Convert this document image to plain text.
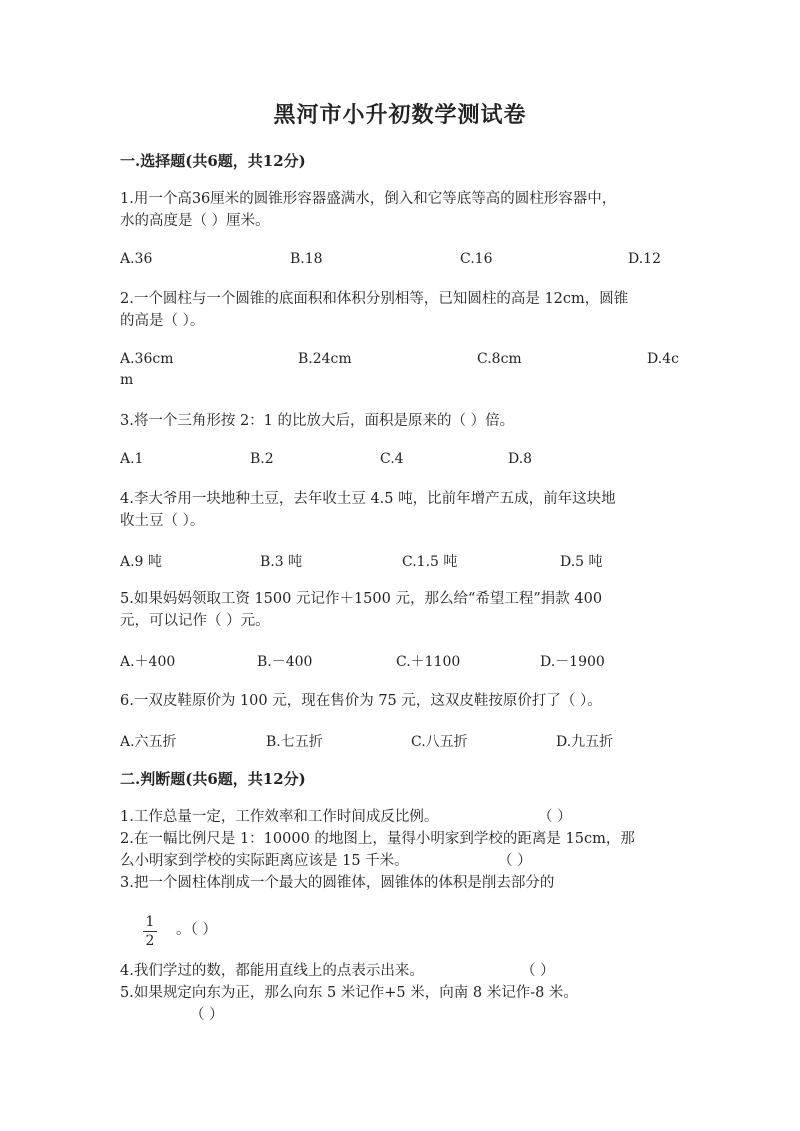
黑河市小升初数学测试卷
一.选择题(共6题，共12分)
1.用一个高36厘米的圆锥形容器盛满水，倒入和它等底等高的圆柱形容器中，
水的高度是（ ）厘米。
A.36	B.18	C.16	D.12
2.一个圆柱与一个圆锥的底面积和体积分别相等，已知圆柱的高是 12cm，圆锥
的高是（ ）。
A.36cm	B.24cm	C.8cm	D.4c
m
3.将一个三角形按 2：1 的比放大后，面积是原来的（ ）倍。
A.1	B.2	C.4	D.8
4.李大爷用一块地种土豆，去年收土豆 4.5 吨，比前年增产五成，前年这块地
收土豆（ ）。
A.9 吨	B.3 吨	C.1.5 吨	D.5 吨
5.如果妈妈领取工资 1500 元记作＋1500 元，那么给“希望工程”捐款 400
元，可以记作（ ）元。
A.＋400	B.－400	C.＋1100	D.－1900
6.一双皮鞋原价为 100 元，现在售价为 75 元，这双皮鞋按原价打了（ ）。
A.六五折	B.七五折	C.八五折	D.九五折
二.判断题(共6题，共12分)
1.工作总量一定，工作效率和工作时间成反比例。	（ ）
2.在一幅比例尺是 1：10000 的地图上，量得小明家到学校的距离是 15cm，那
么小明家到学校的实际距离应该是 15 千米。	（ ）
3.把一个圆柱体削成一个最大的圆锥体，圆锥体的体积是削去部分的
1
2
。（ ）
4.我们学过的数，都能用直线上的点表示出来。	（ ）
5.如果规定向东为正，那么向东 5 米记作+5 米，向南 8 米记作-8 米。
（ ）
